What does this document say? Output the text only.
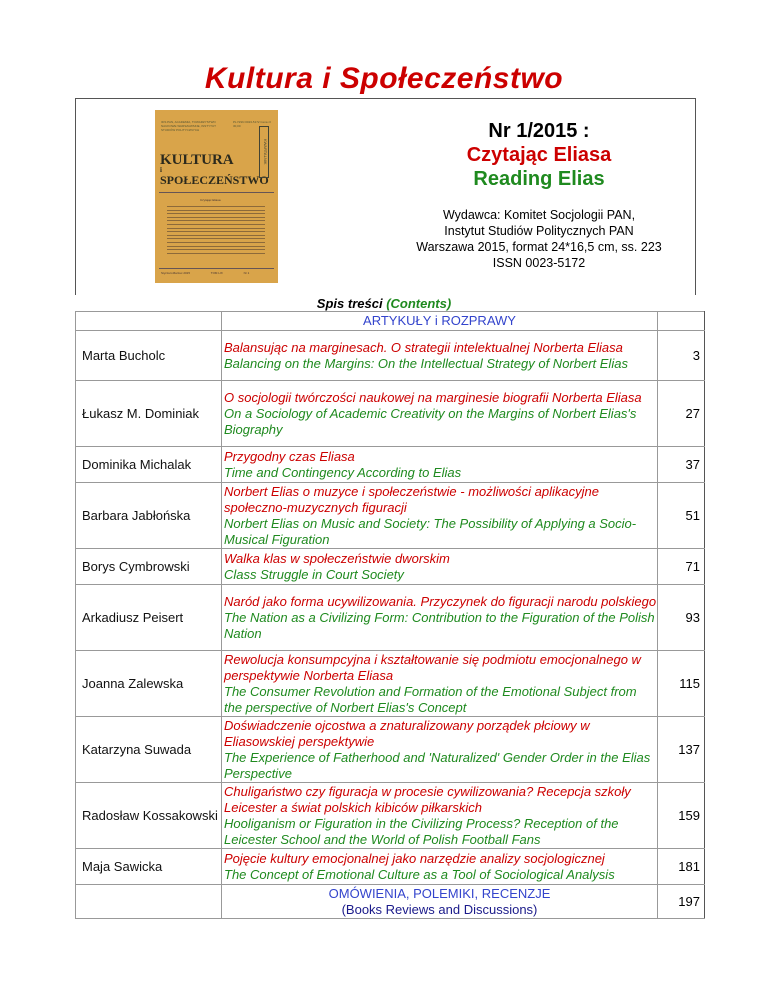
Kultura i Społeczeństwo
IFiS PAN, ACADEMIA, TOWARZYSTWO NAUKOWE WARSZAWSKIE, INSTYTUT STUDIÓW POLITYCZNYCH
PL ISSN 0023-5172 Cena zł 30,00
KULTURA
i
SPOŁECZEŃSTWO
KWARTALNIK
Czytając Eliasa
Styczeń-Marzec 2015	TOM LIX	Nr 1
Nr 1/2015 :
Czytając Eliasa
Reading Elias
Wydawca: Komitet Socjologii PAN,
Instytut Studiów Politycznych PAN
Warszawa 2015, format 24*16,5 cm, ss. 223
ISSN 0023-5172
Spis treści (Contents)
	ARTYKUŁY i ROZPRAWY	
Marta Bucholc	Balansując na marginesach. O strategii intelektualnej Norberta Eliasa
Balancing on the Margins: On the Intellectual Strategy of Norbert Elias	3
Łukasz M. Dominiak	O socjologii twórczości naukowej na marginesie biografii Norberta Eliasa
On a Sociology of Academic Creativity on the Margins of Norbert Elias's Biography	27
Dominika Michalak	Przygodny czas Eliasa
Time and Contingency According to Elias	37
Barbara Jabłońska	Norbert Elias o muzyce i społeczeństwie - możliwości aplikacyjne społeczno-muzycznych figuracji
Norbert Elias on Music and Society: The Possibility of Applying a Socio-Musical Figuration	51
Borys Cymbrowski	Walka klas w społeczeństwie dworskim
Class Struggle in Court Society	71
Arkadiusz Peisert	Naród jako forma ucywilizowania. Przyczynek do figuracji narodu polskiego
The Nation as a Civilizing Form: Contribution to the Figuration of the Polish Nation	93
Joanna Zalewska	Rewolucja konsumpcyjna i kształtowanie się podmiotu emocjonalnego w perspektywie Norberta Eliasa
The Consumer Revolution and Formation of the Emotional Subject from the perspective of Norbert Elias's Concept	115
Katarzyna Suwada	Doświadczenie ojcostwa a znaturalizowany porządek płciowy w Eliasowskiej perspektywie
The Experience of Fatherhood and 'Naturalized' Gender Order in the Elias Perspective	137
Radosław Kossakowski	Chuligaństwo czy figuracja w procesie cywilizowania? Recepcja szkoły Leicester a świat polskich kibiców piłkarskich
Hooliganism or Figuration in the Civilizing Process? Reception of the Leicester School and the World of Polish Football Fans	159
Maja Sawicka	Pojęcie kultury emocjonalnej jako narzędzie analizy socjologicznej
The Concept of Emotional Culture as a Tool of Sociological Analysis	181

	OMÓWIENIA, POLEMIKI, RECENZJE
(Books Reviews and Discussions)	197
